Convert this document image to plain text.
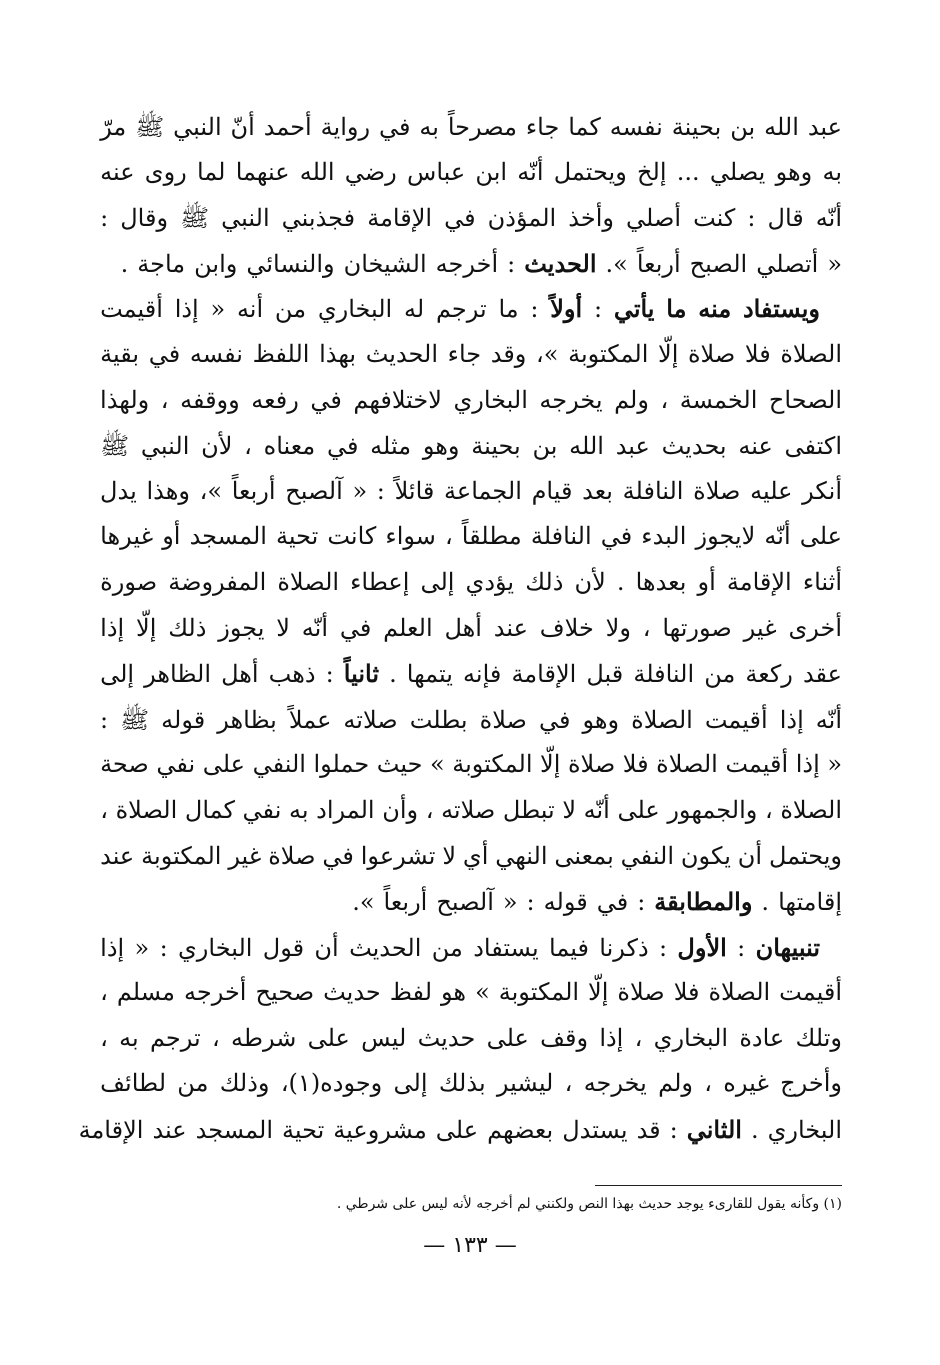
عبد
الله
بن
بحينة
نفسه
كما
جاء
مصرحاً
به
في
رواية
أحمد
أنّ
النبي
ﷺ
مرّ
به
وهو
يصلي
...
إلخ
ويحتمل
أنّه
ابن
عباس
رضي
الله
عنهما
لما
روى
عنه
أنّه
قال
:
كنت
أصلي
وأخذ
المؤذن
في
الإقامة
فجذبني
النبي
ﷺ
وقال
:
«
أتصلي
الصبح
أربعاً
».
الحديث
:
أخرجه
الشيخان
والنسائي
وابن
ماجة
.
ويستفاد
منه
ما
يأتي
:
أولاً
:
ما
ترجم
له
البخاري
من
أنه
«
إذا
أقيمت
الصلاة
فلا
صلاة
إلّا
المكتوبة
»،
وقد
جاء
الحديث
بهذا
اللفظ
نفسه
في
بقية
الصحاح
الخمسة
،
ولم
يخرجه
البخاري
لاختلافهم
في
رفعه
ووقفه
،
ولهذا
اكتفى
عنه
بحديث
عبد
الله
بن
بحينة
وهو
مثله
في
معناه
،
لأن
النبي
ﷺ
أنكر
عليه
صلاة
النافلة
بعد
قيام
الجماعة
قائلاً
:
«
آلصبح
أربعاً
»،
وهذا
يدل
على
أنّه
لايجوز
البدء
في
النافلة
مطلقاً
،
سواء
كانت
تحية
المسجد
أو
غيرها
أثناء
الإقامة
أو
بعدها
.
لأن
ذلك
يؤدي
إلى
إعطاء
الصلاة
المفروضة
صورة
أخرى
غير
صورتها
،
ولا
خلاف
عند
أهل
العلم
في
أنّه
لا
يجوز
ذلك
إلّا
إذا
عقد
ركعة
من
النافلة
قبل
الإقامة
فإنه
يتمها
.
ثانياً
:
ذهب
أهل
الظاهر
إلى
أنّه
إذا
أقيمت
الصلاة
وهو
في
صلاة
بطلت
صلاته
عملاً
بظاهر
قوله
ﷺ
:
«
إذا
أقيمت
الصلاة
فلا
صلاة
إلّا
المكتوبة
»
حيث
حملوا
النفي
على
نفي
صحة
الصلاة
،
والجمهور
على
أنّه
لا
تبطل
صلاته
،
وأن
المراد
به
نفي
كمال
الصلاة
،
ويحتمل
أن
يكون
النفي
بمعنى
النهي
أي
لا
تشرعوا
في
صلاة
غير
المكتوبة
عند
إقامتها
.
والمطابقة
:
في
قوله
:
«
آلصبح
أربعاً
».
تنبيهان
:
الأول
:
ذكرنا
فيما
يستفاد
من
الحديث
أن
قول
البخاري
:
«
إذا
أقيمت
الصلاة
فلا
صلاة
إلّا
المكتوبة
»
هو
لفظ
حديث
صحيح
أخرجه
مسلم
،
وتلك
عادة
البخاري
،
إذا
وقف
على
حديث
ليس
على
شرطه
،
ترجم
به
،
وأخرج
غيره
،
ولم
يخرجه
،
ليشير
بذلك
إلى
وجوده(١)،
وذلك
من
لطائف
البخاري
.
الثاني
:
قد
يستدل
بعضهم
على
مشروعية
تحية
المسجد
عند
الإقامة
(١) وكأنه يقول للقارىء يوجد حديث بهذا النص ولكنني لم أخرجه لأنه ليس على شرطي .
— ١٣٣ —
